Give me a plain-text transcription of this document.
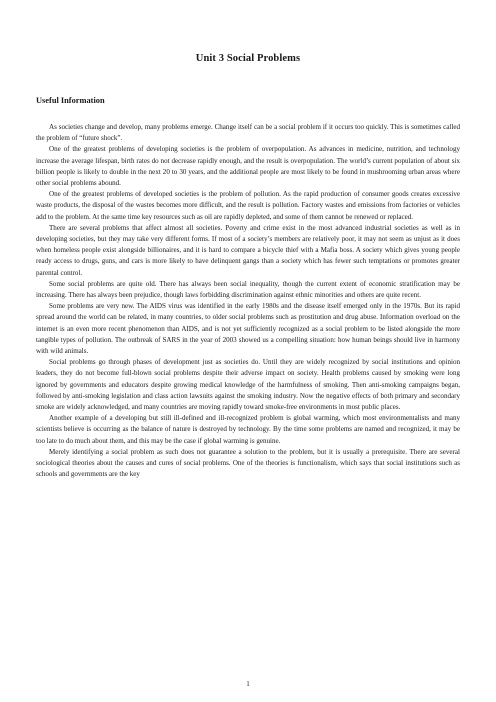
Unit 3 Social Problems
Useful Information

As societies change and develop, many problems emerge. Change itself can be a social problem if it occurs too quickly. This is sometimes called the problem of “future shock”.

One of the greatest problems of developing societies is the problem of overpopulation. As advances in medicine, nutrition, and technology increase the average lifespan, birth rates do not decrease rapidly enough, and the result is overpopulation. The world’s current population of about six billion people is likely to double in the next 20 to 30 years, and the additional people are most likely to be found in mushrooming urban areas where other social problems abound.

One of the greatest problems of developed societies is the problem of pollution. As the rapid production of consumer goods creates excessive waste products, the disposal of the wastes becomes more difficult, and the result is pollution. Factory wastes and emissions from factories or vehicles add to the problem. At the same time key resources such as oil are rapidly depleted, and some of them cannot be renewed or replaced.

There are several problems that affect almost all societies. Poverty and crime exist in the most advanced industrial societies as well as in developing societies, but they may take very different forms. If most of a society’s members are relatively poor, it may not seem as unjust as it does when homeless people exist alongside billionaires, and it is hard to compare a bicycle thief with a Mafia boss. A society which gives young people ready access to drugs, guns, and cars is more likely to have delinquent gangs than a society which has fewer such temptations or promotes greater parental control.

Some social problems are quite old. There has always been social inequality, though the current extent of economic stratification may be increasing. There has always been prejudice, though laws forbidding discrimination against ethnic minorities and others are quite recent.

Some problems are very new. The AIDS virus was identified in the early 1980s and the disease itself emerged only in the 1970s. But its rapid spread around the world can be related, in many countries, to older social problems such as prostitution and drug abuse. Information overload on the internet is an even more recent phenomenon than AIDS, and is not yet sufficiently recognized as a social problem to be listed alongside the more tangible types of pollution. The outbreak of SARS in the year of 2003 showed us a compelling situation: how human beings should live in harmony with wild animals.

Social problems go through phases of development just as societies do. Until they are widely recognized by social institutions and opinion leaders, they do not become full-blown social problems despite their adverse impact on society. Health problems caused by smoking were long ignored by governments and educators despite growing medical knowledge of the harmfulness of smoking. Then anti-smoking campaigns began, followed by anti-smoking legislation and class action lawsuits against the smoking industry. Now the negative effects of both primary and secondary smoke are widely acknowledged, and many countries are moving rapidly toward smoke-free environments in most public places.

Another example of a developing but still ill-defined and ill-recognized problem is global warming, which most environmentalists and many scientists believe is occurring as the balance of nature is destroyed by technology. By the time some problems are named and recognized, it may be too late to do much about them, and this may be the case if global warming is genuine.

Merely identifying a social problem as such does not guarantee a solution to the problem, but it is usually a prerequisite. There are several sociological theories about the causes and cures of social problems. One of the theories is functionalism, which says that social institutions such as schools and governments are the key

1
